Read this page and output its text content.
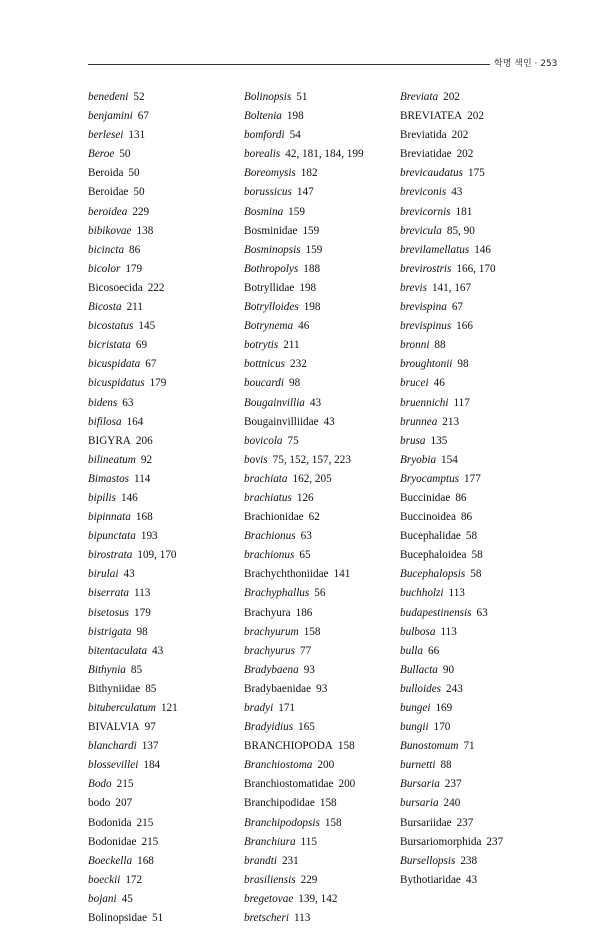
학명 색인 · 253
benedeni 52
benjamini 67
berlesei 131
Beroe 50
Beroida 50
Beroidae 50
beroidea 229
bibikovae 138
bicincta 86
bicolor 179
Bicosoecida 222
Bicosta 211
bicostatus 145
bicristata 69
bicuspidata 67
bicuspidatus 179
bidens 63
bifilosa 164
BIGYRA 206
bilineatum 92
Bimastos 114
bipilis 146
bipinnata 168
bipunctata 193
birostrata 109, 170
birulai 43
biserrata 113
bisetosus 179
bistrigata 98
bitentaculata 43
Bithynia 85
Bithyniidae 85
bituberculatum 121
BIVALVIA 97
blanchardi 137
blossevillei 184
Bodo 215
bodo 207
Bodonida 215
Bodonidae 215
Boeckella 168
boeckii 172
bojani 45
Bolinopsidae 51
Bolinopsis 51
Boltenia 198
bomfordi 54
borealis 42, 181, 184, 199
Boreomysis 182
borussicus 147
Bosmina 159
Bosminidae 159
Bosminopsis 159
Bothropolys 188
Botryllidae 198
Botrylloides 198
Botrynema 46
botrytis 211
bottnicus 232
boucardi 98
Bougainvillia 43
Bougainvilliidae 43
bovicola 75
bovis 75, 152, 157, 223
brachiata 162, 205
brachiatus 126
Brachionidae 62
Brachionus 63
brachionus 65
Brachychthoniidae 141
Brachyphallus 56
Brachyura 186
brachyurum 158
brachyurus 77
Bradybaena 93
Bradybaenidae 93
bradyi 171
Bradyidius 165
BRANCHIOPODA 158
Branchiostoma 200
Branchiostomatidae 200
Branchipodidae 158
Branchipodopsis 158
Branchiura 115
brandti 231
brasiliensis 229
bregetovae 139, 142
bretscheri 113
Breviata 202
BREVIATEA 202
Breviatida 202
Breviatidae 202
brevicaudatus 175
breviconis 43
brevicornis 181
brevicula 85, 90
brevilamellatus 146
brevirostris 166, 170
brevis 141, 167
brevispina 67
brevispinus 166
bronni 88
broughtonii 98
brucei 46
bruennichi 117
brunnea 213
brusa 135
Bryobia 154
Bryocamptus 177
Buccinidae 86
Buccinoidea 86
Bucephalidae 58
Bucephaloidea 58
Bucephalopsis 58
buchholzi 113
budapestinensis 63
bulbosa 113
bulla 66
Bullacta 90
bulloides 243
bungei 169
bungii 170
Bunostomum 71
burnetti 88
Bursaria 237
bursaria 240
Bursariidae 237
Bursariomorphida 237
Bursellopsis 238
Bythotiaridae 43
